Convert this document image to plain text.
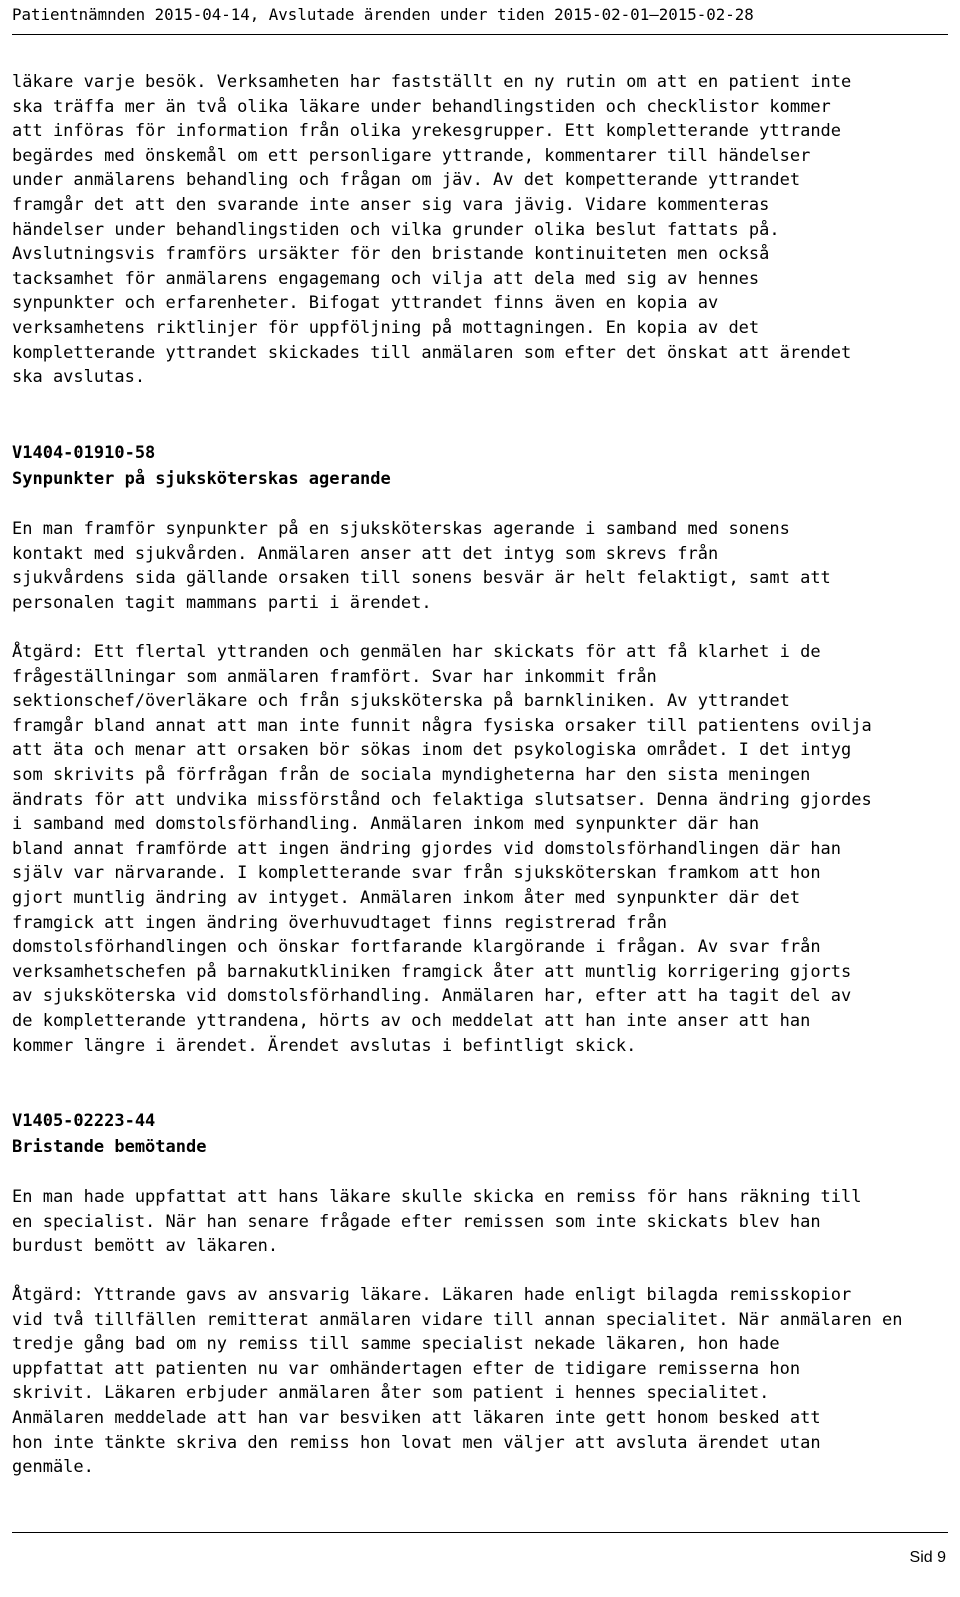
Patientnämnden 2015-04-14, Avslutade ärenden under tiden 2015-02-01—2015-02-28
läkare varje besök. Verksamheten har fastställt en ny rutin om att en patient inte
ska träffa mer än två olika läkare under behandlingstiden och checklistor kommer
att införas för information från olika yrekesgrupper. Ett kompletterande yttrande
begärdes med önskemål om ett personligare yttrande, kommentarer till händelser
under anmälarens behandling och frågan om jäv. Av det kompetterande yttrandet
framgår det att den svarande inte anser sig vara jävig. Vidare kommenteras
händelser under behandlingstiden och vilka grunder olika beslut fattats på.
Avslutningsvis framförs ursäkter för den bristande kontinuiteten men också
tacksamhet för anmälarens engagemang och vilja att dela med sig av hennes
synpunkter och erfarenheter. Bifogat yttrandet finns även en kopia av
verksamhetens riktlinjer för uppföljning på mottagningen. En kopia av det
kompletterande yttrandet skickades till anmälaren som efter det önskat att ärendet
ska avslutas.
V1404-01910-58
Synpunkter på sjuksköterskas agerande
En man framför synpunkter på en sjuksköterskas agerande i samband med sonens
kontakt med sjukvården. Anmälaren anser att det intyg som skrevs från
sjukvårdens sida gällande orsaken till sonens besvär är helt felaktigt, samt att
personalen tagit mammans parti i ärendet.
Åtgärd: Ett flertal yttranden och genmälen har skickats för att få klarhet i de
frågeställningar som anmälaren framfört. Svar har inkommit från
sektionschef/överläkare och från sjuksköterska på barnkliniken. Av yttrandet
framgår bland annat att man inte funnit några fysiska orsaker till patientens ovilja
att äta och menar att orsaken bör sökas inom det psykologiska området. I det intyg
som skrivits på förfrågan från de sociala myndigheterna har den sista meningen
ändrats för att undvika missförstånd och felaktiga slutsatser. Denna ändring gjordes
i samband med domstolsförhandling. Anmälaren inkom med synpunkter där han
bland annat framförde att ingen ändring gjordes vid domstolsförhandlingen där han
själv var närvarande. I kompletterande svar från sjuksköterskan framkom att hon
gjort muntlig ändring av intyget. Anmälaren inkom åter med synpunkter där det
framgick att ingen ändring överhuvudtaget finns registrerad från
domstolsförhandlingen och önskar fortfarande klargörande i frågan. Av svar från
verksamhetschefen på barnakutkliniken framgick åter att muntlig korrigering gjorts
av sjuksköterska vid domstolsförhandling. Anmälaren har, efter att ha tagit del av
de kompletterande yttrandena, hörts av och meddelat att han inte anser att han
kommer längre i ärendet. Ärendet avslutas i befintligt skick.
V1405-02223-44
Bristande bemötande
En man hade uppfattat att hans läkare skulle skicka en remiss för hans räkning till
en specialist. När han senare frågade efter remissen som inte skickats blev han
burdust bemött av läkaren.
Åtgärd: Yttrande gavs av ansvarig läkare. Läkaren hade enligt bilagda remisskopior
vid två tillfällen remitterat anmälaren vidare till annan specialitet. När anmälaren en
tredje gång bad om ny remiss till samme specialist nekade läkaren, hon hade
uppfattat att patienten nu var omhändertagen efter de tidigare remisserna hon
skrivit. Läkaren erbjuder anmälaren åter som patient i hennes specialitet.
Anmälaren meddelade att han var besviken att läkaren inte gett honom besked att
hon inte tänkte skriva den remiss hon lovat men väljer att avsluta ärendet utan
genmäle.
Sid 9
